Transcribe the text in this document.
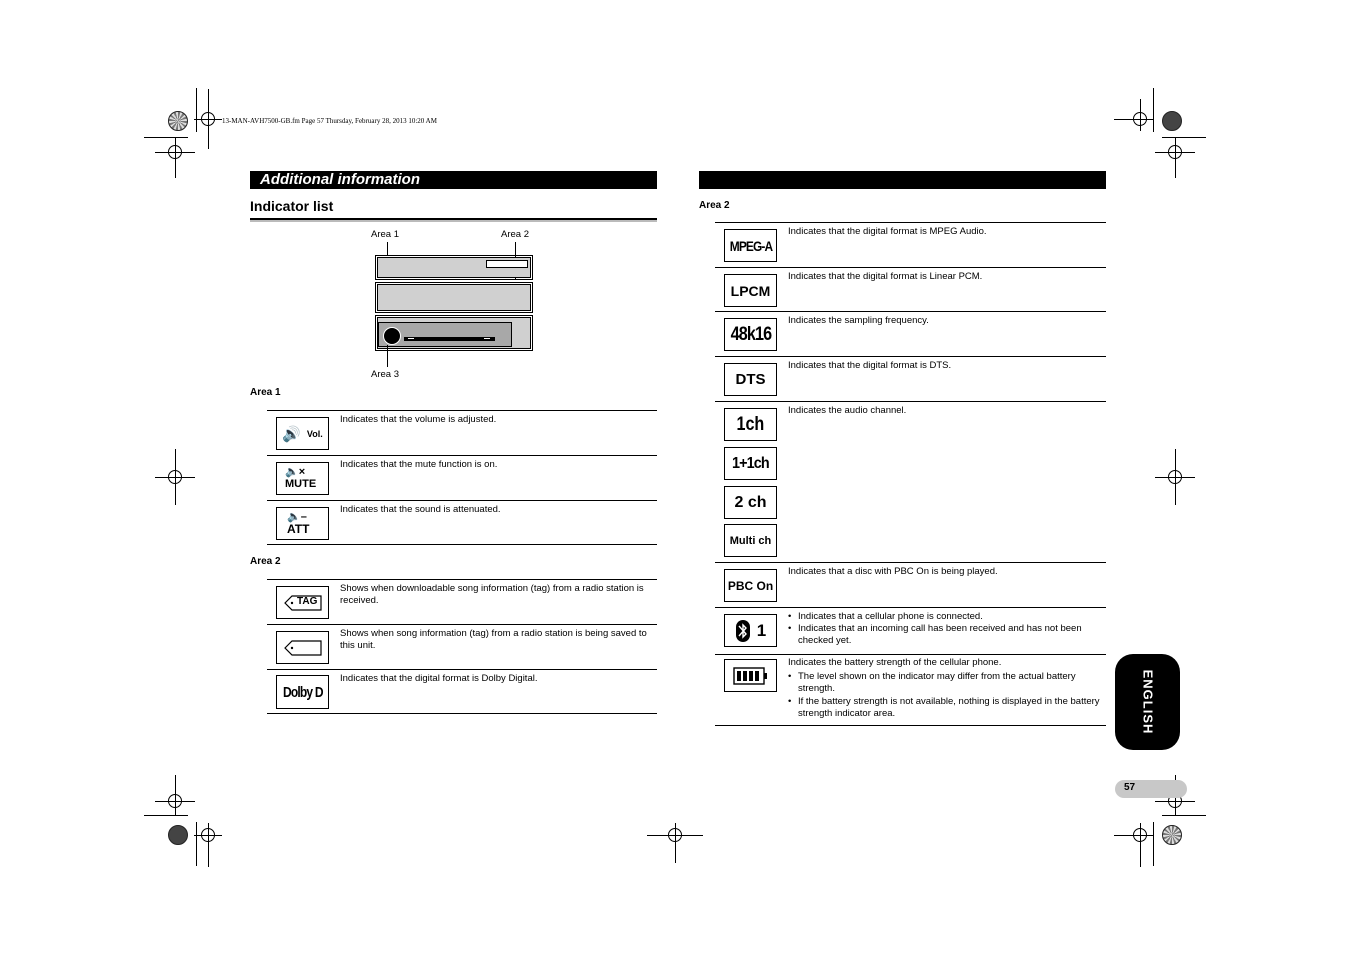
13-MAN-AVH7500-GB.fm Page 57 Thursday, February 28, 2013 10:20 AM
Additional information
Indicator list
Area 1	Area 2
Area 3
Area 1
🔊 Vol.
Indicates that the volume is adjusted.
🔈×
MUTE
Indicates that the mute function is on.
🔈–
ATT
Indicates that the sound is attenuated.
Area 2
TAG
Shows when downloadable song information (tag) from a radio station is received.
Shows when song information (tag) from a radio station is being saved to this unit.
Dolby D
Indicates that the digital format is Dolby Digital.
Area 2
MPEG-A
Indicates that the digital format is MPEG Audio.
LPCM
Indicates that the digital format is Linear PCM.
48k16
Indicates the sampling frequency.
DTS
Indicates that the digital format is DTS.
1ch
1+1ch
2 ch
Multi ch
Indicates the audio channel.
PBC On
Indicates that a disc with PBC On is being played.
1
• Indicates that a cellular phone is connected.
• Indicates that an incoming call has been received and has not been checked yet.
Indicates the battery strength of the cellular phone.
• The level shown on the indicator may differ from the actual battery strength.
• If the battery strength is not available, nothing is displayed in the battery strength indicator area.	ENGLISH
57
